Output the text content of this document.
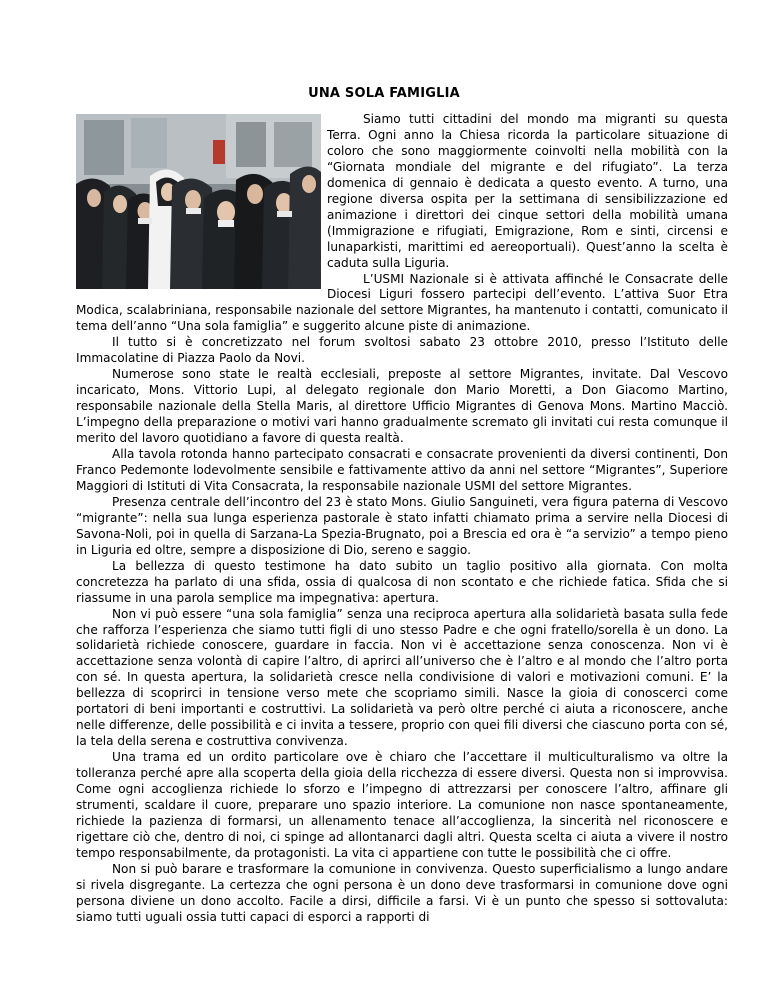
UNA SOLA FAMIGLIA

Siamo tutti cittadini del mondo ma migranti su questa Terra. Ogni anno la Chiesa ricorda la particolare situazione di coloro che sono maggiormente coinvolti nella mobilità con la “Giornata mondiale del migrante e del rifugiato”. La terza domenica di gennaio è dedicata a questo evento. A turno, una regione diversa ospita per la settimana di sensibilizzazione ed animazione i direttori dei cinque settori della mobilità umana (Immigrazione e rifugiati, Emigrazione, Rom e sinti, circensi e lunaparkisti, marittimi ed aereoportuali). Quest’anno la scelta è caduta sulla Liguria.

L’USMI Nazionale si è attivata affinché le Consacrate delle Diocesi Liguri fossero partecipi dell’evento. L’attiva Suor Etra Modica, scalabriniana, responsabile nazionale del settore Migrantes, ha mantenuto i contatti, comunicato il tema dell’anno “Una sola famiglia” e suggerito alcune piste di animazione.

Il tutto si è concretizzato nel forum svoltosi sabato 23 ottobre 2010, presso l’Istituto delle Immacolatine di Piazza Paolo da Novi.

Numerose sono state le realtà ecclesiali, preposte al settore Migrantes, invitate. Dal Vescovo incaricato, Mons. Vittorio Lupi, al delegato regionale don Mario Moretti, a Don Giacomo Martino, responsabile nazionale della Stella Maris, al direttore Ufficio Migrantes di Genova Mons. Martino Macciò. L’impegno della preparazione o motivi vari hanno gradualmente scremato gli invitati cui resta comunque il merito del lavoro quotidiano a favore di questa realtà.

Alla tavola rotonda hanno partecipato consacrati e consacrate provenienti da diversi continenti, Don Franco Pedemonte lodevolmente sensibile e fattivamente attivo da anni nel settore “Migrantes”, Superiore Maggiori di Istituti di Vita Consacrata, la responsabile nazionale USMI del settore Migrantes.

Presenza centrale dell’incontro del 23 è stato Mons. Giulio Sanguineti, vera figura paterna di Vescovo “migrante”: nella sua lunga esperienza pastorale è stato infatti chiamato prima a servire nella Diocesi di Savona-Noli, poi in quella di Sarzana-La Spezia-Brugnato, poi a Brescia ed ora è “a servizio” a tempo pieno in Liguria ed oltre, sempre a disposizione di Dio, sereno e saggio.

La bellezza di questo testimone ha dato subito un taglio positivo alla giornata. Con molta concretezza ha parlato di una sfida, ossia di qualcosa di non scontato e che richiede fatica. Sfida che si riassume in una parola semplice ma impegnativa: apertura.

Non vi può essere “una sola famiglia” senza una reciproca apertura alla solidarietà basata sulla fede che rafforza l’esperienza che siamo tutti figli di uno stesso Padre e che ogni fratello/sorella è un dono. La solidarietà richiede conoscere, guardare in faccia. Non vi è accettazione senza conoscenza. Non vi è accettazione senza volontà di capire l’altro, di aprirci all’universo che è l’altro e al mondo che l’altro porta con sé. In questa apertura, la solidarietà cresce nella condivisione di valori e motivazioni comuni. E’ la bellezza di scoprirci in tensione verso mete che scopriamo simili. Nasce la gioia di conoscerci come portatori di beni importanti e costruttivi. La solidarietà va però oltre perché ci aiuta a riconoscere, anche nelle differenze, delle possibilità e ci invita a tessere, proprio con quei fili diversi che ciascuno porta con sé, la tela della serena e costruttiva convivenza.

Una trama ed un ordito particolare ove è chiaro che l’accettare il multiculturalismo va oltre la tolleranza perché apre alla scoperta della gioia della ricchezza di essere diversi. Questa non si improvvisa. Come ogni accoglienza richiede lo sforzo e l’impegno di attrezzarsi per conoscere l’altro, affinare gli strumenti, scaldare il cuore, preparare uno spazio interiore. La comunione non nasce spontaneamente, richiede la pazienza di formarsi, un allenamento tenace all’accoglienza, la sincerità nel riconoscere e rigettare ciò che, dentro di noi, ci spinge ad allontanarci dagli altri. Questa scelta ci aiuta a vivere il nostro tempo responsabilmente, da protagonisti. La vita ci appartiene con tutte le possibilità che ci offre.

Non si può barare e trasformare la comunione in convivenza. Questo superficialismo a lungo andare si rivela disgregante. La certezza che ogni persona è un dono deve trasformarsi in comunione dove ogni persona diviene un dono accolto. Facile a dirsi, difficile a farsi. Vi è un punto che spesso si sottovaluta: siamo tutti uguali ossia tutti capaci di esporci a rapporti di
